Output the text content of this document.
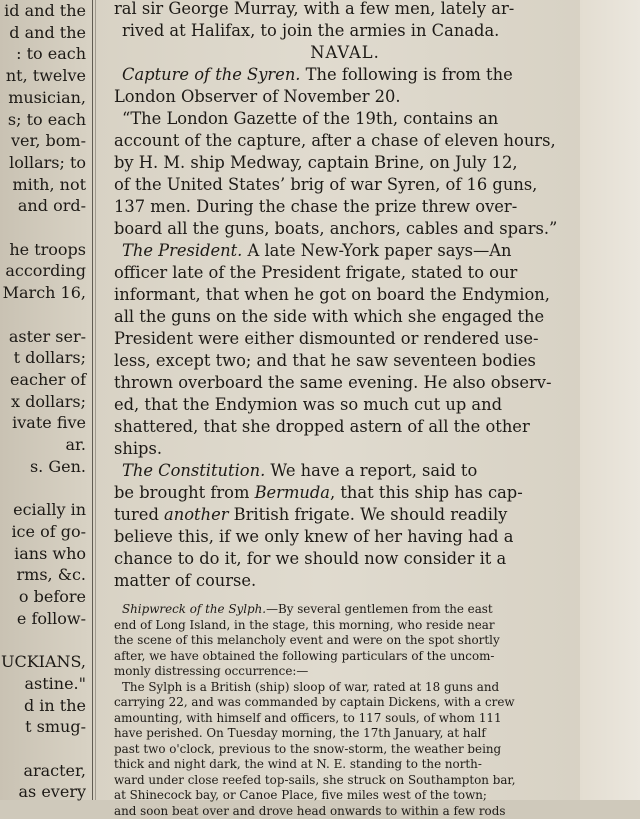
id and the
d and the
: to each
nt, twelve
musician,
s; to each
ver, bom-
lollars; to
mith, not
and ord-

he troops
according
March 16,

aster ser-
t dollars;
eacher of
x dollars;
ivate five
ar.
s. Gen.

ecially in
ice of go-
ians who
rms, &c.
o before
e follow-

UCKIANS,
astine."
d in the
t smug-

aracter,
as every
ral sir George Murray, with a few men, lately ar-
rived at Halifax, to join the armies in Canada.
NAVAL.
Capture of the Syren. The following is from the
London Observer of November 20.
“The London Gazette of the 19th, contains an
account of the capture, after a chase of eleven hours,
by H. M. ship Medway, captain Brine, on July 12,
of the United States’ brig of war Syren, of 16 guns,
137 men. During the chase the prize threw over-
board all the guns, boats, anchors, cables and spars.”
The President. A late New-York paper says—An
officer late of the President frigate, stated to our
informant, that when he got on board the Endymion,
all the guns on the side with which she engaged the
President were either dismounted or rendered use-
less, except two; and that he saw seventeen bodies
thrown overboard the same evening. He also observ-
ed, that the Endymion was so much cut up and
shattered, that she dropped astern of all the other
ships.
The Constitution. We have a report, said to
be brought from Bermuda, that this ship has cap-
tured another British frigate. We should readily
believe this, if we only knew of her having had a
chance to do it, for we should now consider it a
matter of course.
Shipwreck of the Sylph.—By several gentlemen from the east
end of Long Island, in the stage, this morning, who reside near
the scene of this melancholy event and were on the spot shortly
after, we have obtained the following particulars of the uncom-
monly distressing occurrence:—
The Sylph is a British (ship) sloop of war, rated at 18 guns and
carrying 22, and was commanded by captain Dickens, with a crew
amounting, with himself and officers, to 117 souls, of whom 111
have perished. On Tuesday morning, the 17th January, at half
past two o'clock, previous to the snow-storm, the weather being
thick and night dark, the wind at N. E. standing to the north-
ward under close reefed top-sails, she struck on Southampton bar,
at Shinecock bay, or Canoe Place, five miles west of the town;
and soon beat over and drove head onwards to within a few rods
